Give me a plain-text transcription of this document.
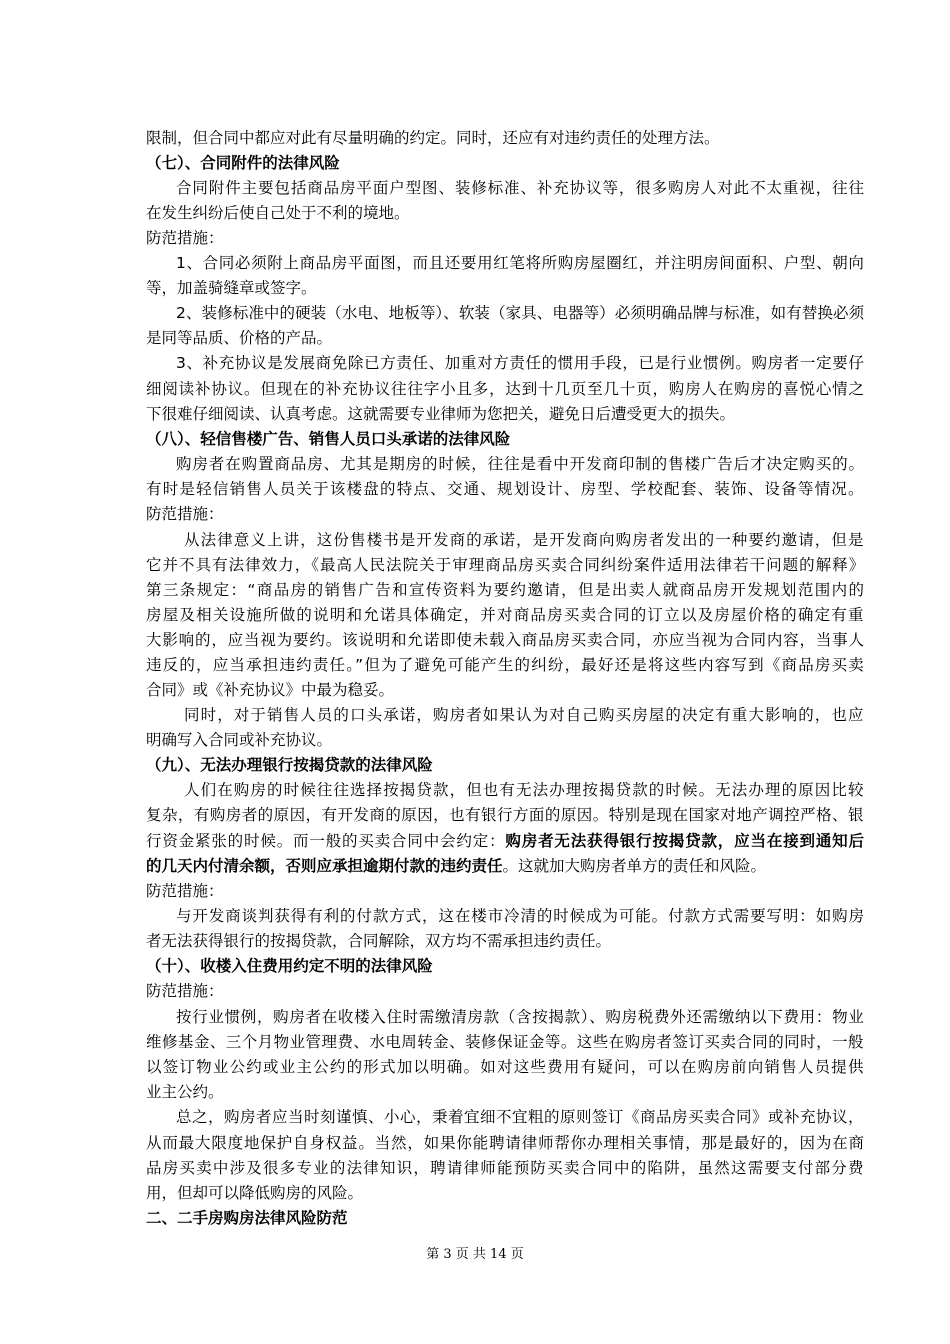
限制，但合同中都应对此有尽量明确的约定。同时，还应有对违约责任的处理方法。
（七）、合同附件的法律风险
合同附件主要包括商品房平面户型图、装修标准、补充协议等，很多购房人对此不太重视，往往
在发生纠纷后使自己处于不利的境地。
防范措施：
1、合同必须附上商品房平面图，而且还要用红笔将所购房屋圈红，并注明房间面积、户型、朝向
等，加盖骑缝章或签字。
2、装修标准中的硬装（水电、地板等）、软装（家具、电器等）必须明确品牌与标准，如有替换必须
是同等品质、价格的产品。
3、补充协议是发展商免除已方责任、加重对方责任的惯用手段，已是行业惯例。购房者一定要仔
细阅读补协议。但现在的补充协议往往字小且多，达到十几页至几十页，购房人在购房的喜悦心情之
下很难仔细阅读、认真考虑。这就需要专业律师为您把关，避免日后遭受更大的损失。
（八）、轻信售楼广告、销售人员口头承诺的法律风险
购房者在购置商品房、尤其是期房的时候，往往是看中开发商印制的售楼广告后才决定购买的。
有时是轻信销售人员关于该楼盘的特点、交通、规划设计、房型、学校配套、装饰、设备等情况。
防范措施：
从法律意义上讲，这份售楼书是开发商的承诺，是开发商向购房者发出的一种要约邀请，但是
它并不具有法律效力，《最高人民法院关于审理商品房买卖合同纠纷案件适用法律若干问题的解释》
第三条规定：“商品房的销售广告和宣传资料为要约邀请，但是出卖人就商品房开发规划范围内的
房屋及相关设施所做的说明和允诺具体确定，并对商品房买卖合同的订立以及房屋价格的确定有重
大影响的，应当视为要约。该说明和允诺即使未载入商品房买卖合同，亦应当视为合同内容，当事人
违反的，应当承担违约责任。”但为了避免可能产生的纠纷，最好还是将这些内容写到《商品房买卖
合同》或《补充协议》中最为稳妥。
同时，对于销售人员的口头承诺，购房者如果认为对自己购买房屋的决定有重大影响的，也应
明确写入合同或补充协议。
（九）、无法办理银行按揭贷款的法律风险
人们在购房的时候往往选择按揭贷款，但也有无法办理按揭贷款的时候。无法办理的原因比较
复杂，有购房者的原因，有开发商的原因，也有银行方面的原因。特别是现在国家对地产调控严格、银
行资金紧张的时候。而一般的买卖合同中会约定：购房者无法获得银行按揭贷款，应当在接到通知后
的几天内付清余额，否则应承担逾期付款的违约责任。这就加大购房者单方的责任和风险。
防范措施：
与开发商谈判获得有利的付款方式，这在楼市冷清的时候成为可能。付款方式需要写明：如购房
者无法获得银行的按揭贷款，合同解除，双方均不需承担违约责任。
（十）、收楼入住费用约定不明的法律风险
防范措施：
按行业惯例，购房者在收楼入住时需缴清房款（含按揭款）、购房税费外还需缴纳以下费用：物业
维修基金、三个月物业管理费、水电周转金、装修保证金等。这些在购房者签订买卖合同的同时，一般
以签订物业公约或业主公约的形式加以明确。如对这些费用有疑问，可以在购房前向销售人员提供
业主公约。
总之，购房者应当时刻谨慎、小心，秉着宜细不宜粗的原则签订《商品房买卖合同》或补充协议，
从而最大限度地保护自身权益。当然，如果你能聘请律师帮你办理相关事情，那是最好的，因为在商
品房买卖中涉及很多专业的法律知识，聘请律师能预防买卖合同中的陷阱，虽然这需要支付部分费
用，但却可以降低购房的风险。
二、二手房购房法律风险防范
第 3 页 共 14 页
